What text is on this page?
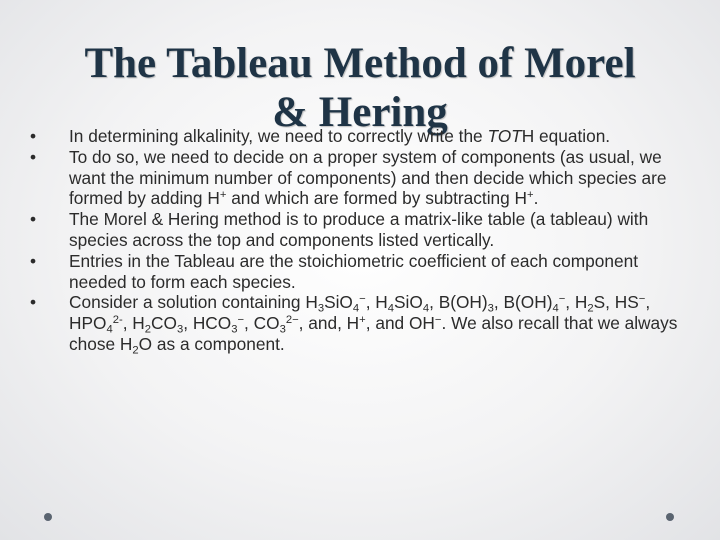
The Tableau Method of Morel
& Hering
• In determining alkalinity, we need to correctly write the TOTH equation.
• To do so, we need to decide on a proper system of components (as usual, we want the minimum number of components) and then decide which species are formed by adding H+ and which are formed by subtracting H+.
• The Morel & Hering method is to produce a matrix-like table (a tableau) with species across the top and components listed vertically.
• Entries in the Tableau are the stoichiometric coefficient of each component needed to form each species.
• Consider a solution containing $H_3SiO_4^-$, $H_4SiO_4$, $B(OH)_3$, $B(OH)_4^-$, $H_2S$, HS−, $HPO_4^{2-}$, $H_2CO_3$, $HCO_3^-$, $CO_3^{2-}$, and, H+, and OH−. We also recall that we always chose $H_2O$ as a component.
